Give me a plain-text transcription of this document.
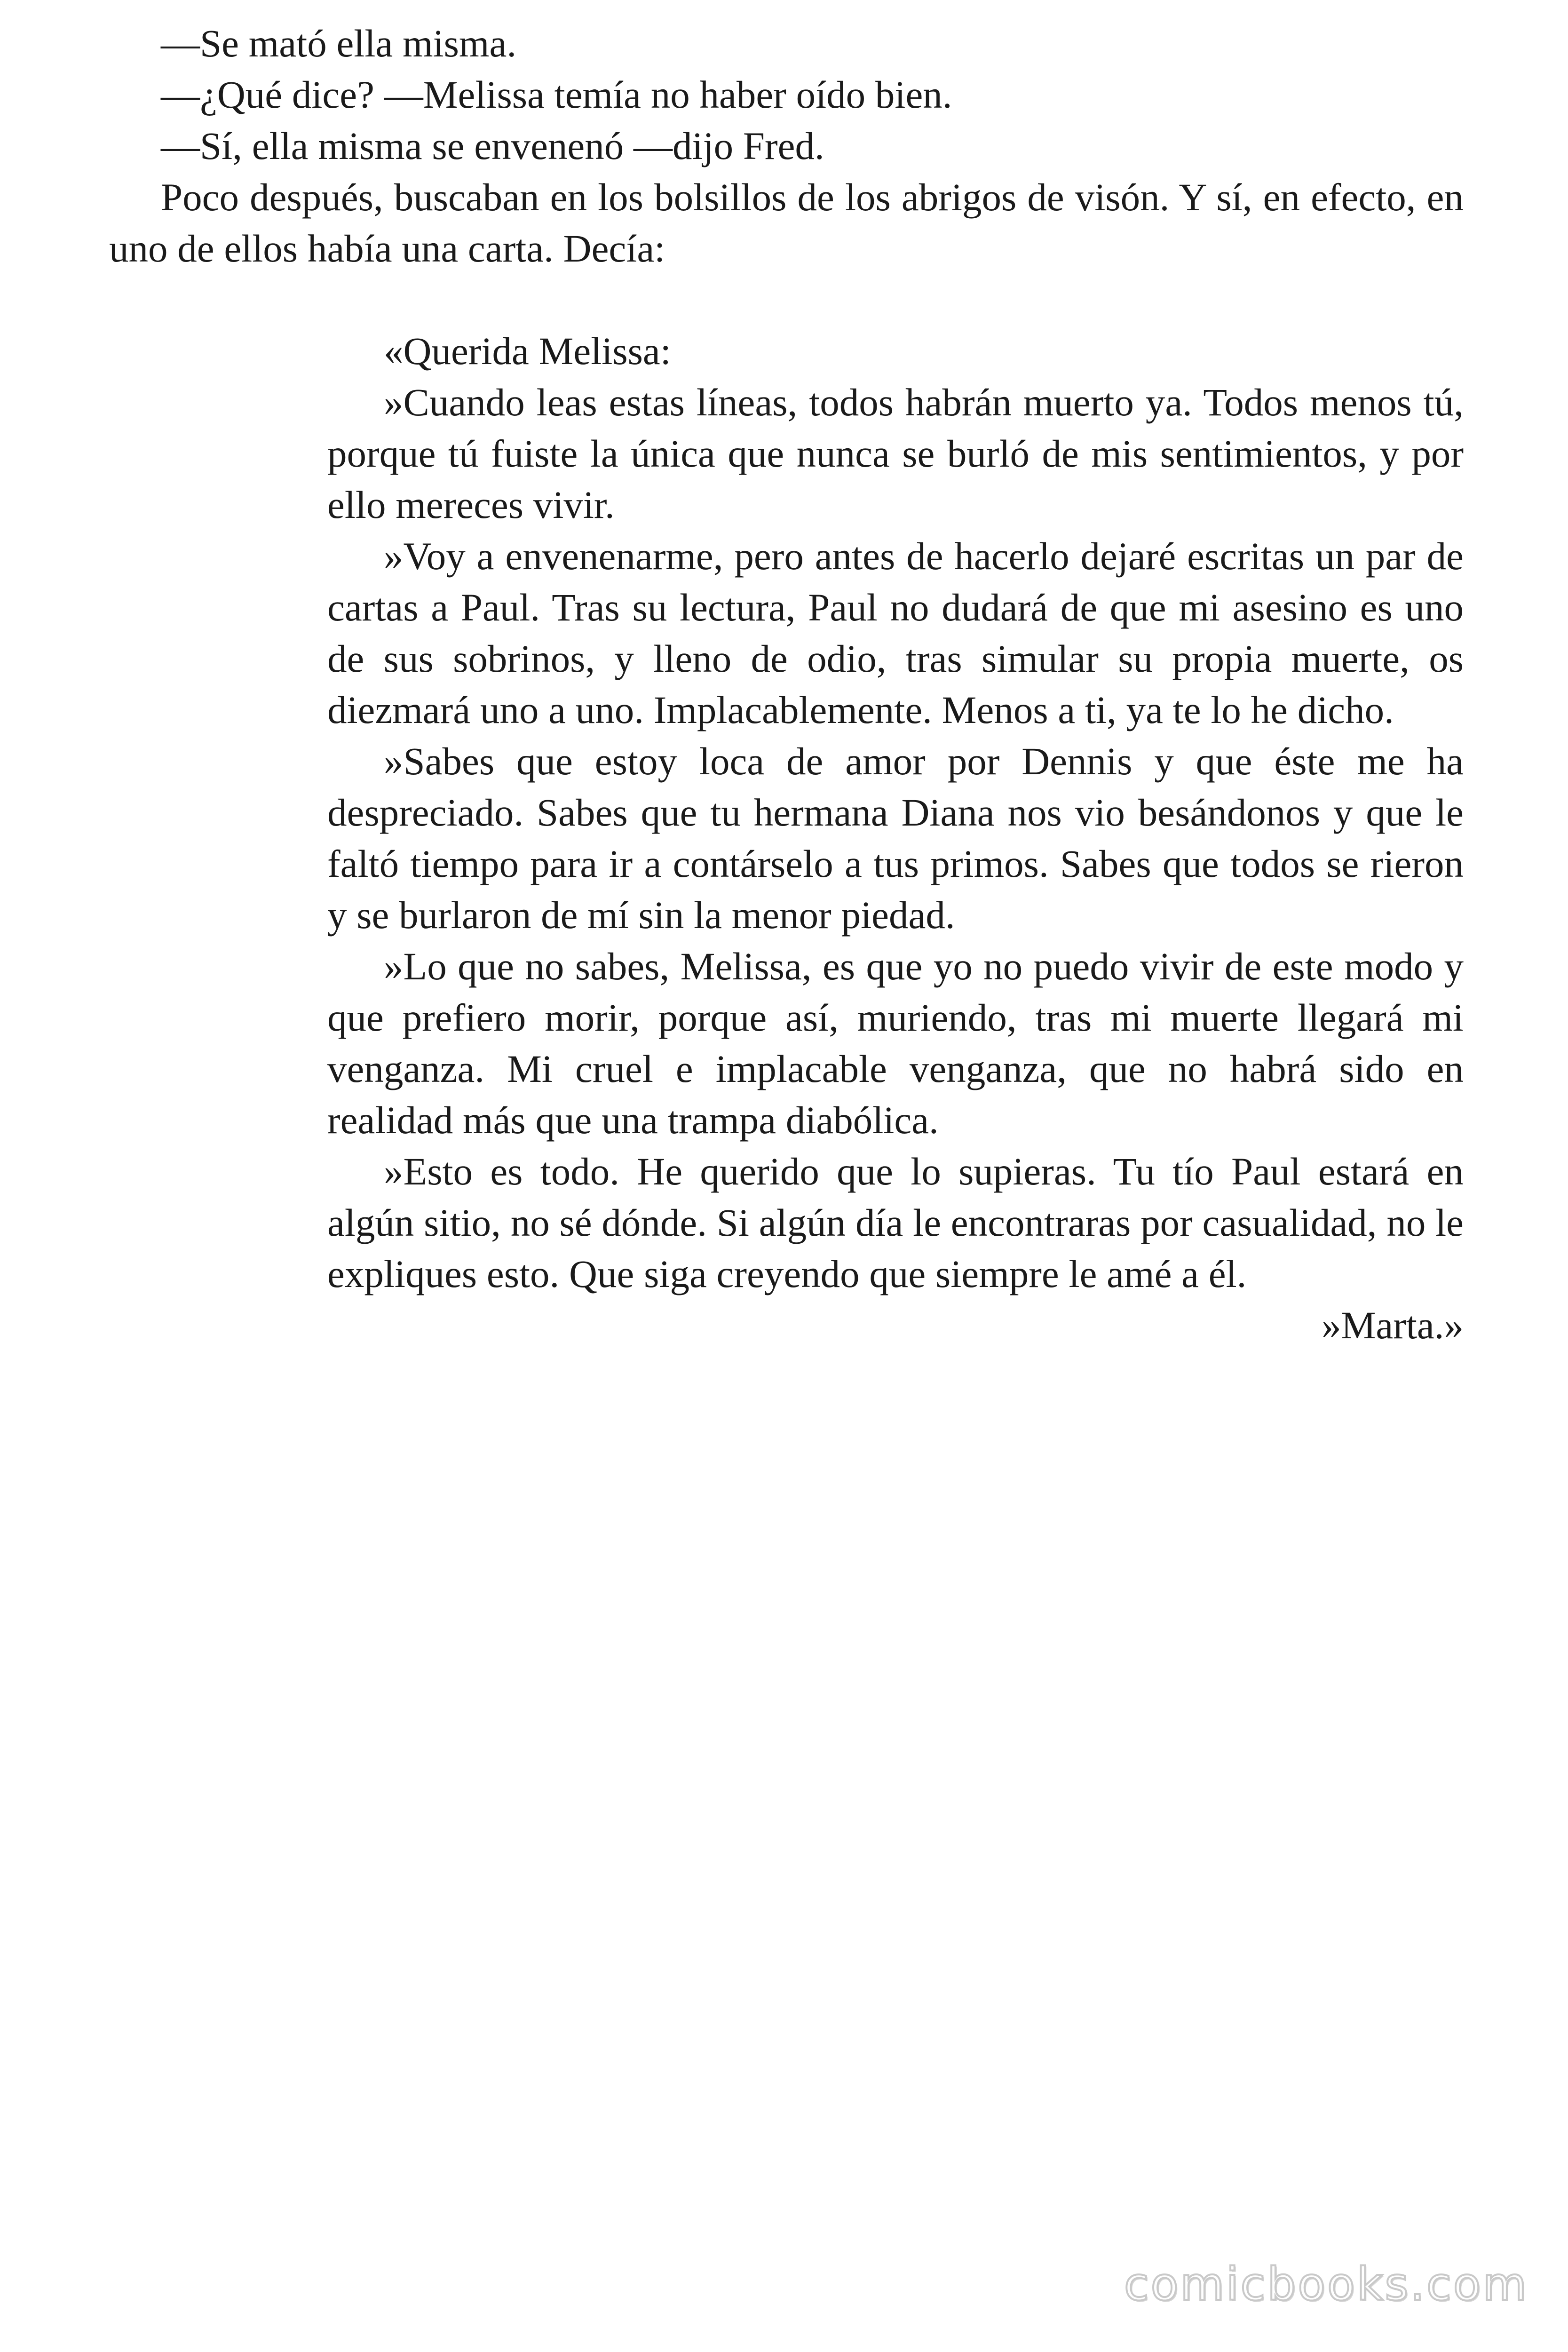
—Se mató ella misma.

—¿Qué dice? —Melissa temía no haber oído bien.

—Sí, ella misma se envenenó —dijo Fred.

Poco después, buscaban en los bolsillos de los abrigos de visón. Y sí, en efecto, en uno de ellos había una carta. Decía:

«Querida Melissa:

»Cuando leas estas líneas, todos habrán muerto ya. Todos menos tú, porque tú fuiste la única que nunca se burló de mis sentimientos, y por ello mereces vivir.

»Voy a envenenarme, pero antes de hacerlo dejaré escritas un par de cartas a Paul. Tras su lectura, Paul no dudará de que mi asesino es uno de sus sobrinos, y lleno de odio, tras simular su propia muerte, os diezmará uno a uno. Implacablemente. Menos a ti, ya te lo he dicho.

»Sabes que estoy loca de amor por Dennis y que éste me ha despreciado. Sabes que tu hermana Diana nos vio besándonos y que le faltó tiempo para ir a contárselo a tus primos. Sabes que todos se rieron y se burlaron de mí sin la menor piedad.

»Lo que no sabes, Melissa, es que yo no puedo vivir de este modo y que prefiero morir, porque así, muriendo, tras mi muerte llegará mi venganza. Mi cruel e implacable venganza, que no habrá sido en realidad más que una trampa diabólica.

»Esto es todo. He querido que lo supieras. Tu tío Paul estará en algún sitio, no sé dónde. Si algún día le encontraras por casualidad, no le expliques esto. Que siga creyendo que siempre le amé a él.

»Marta.»

comicbooks.com
